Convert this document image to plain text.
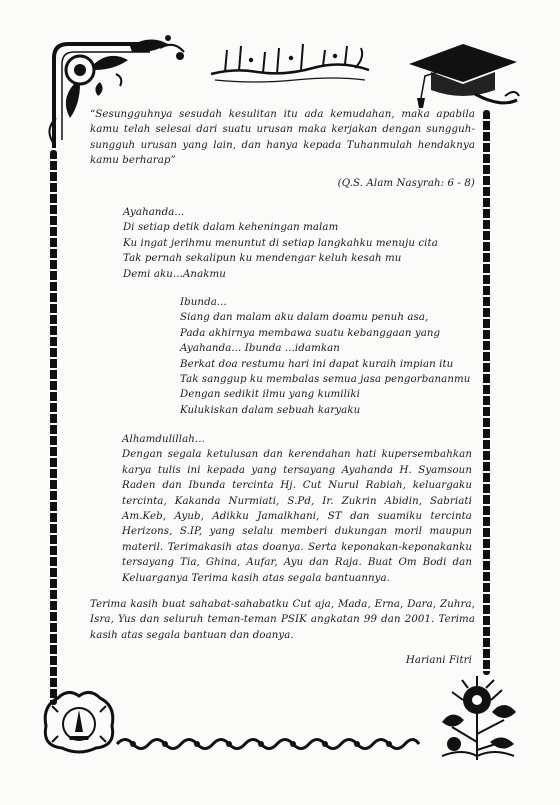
“Sesungguhnya sesudah kesulitan itu ada kemudahan, maka apabila kamu telah selesai dari suatu urusan maka kerjakan dengan sungguh-sungguh urusan yang lain, dan hanya kepada Tuhanmulah hendaknya kamu berharap”

(Q.S. Alam Nasyrah: 6 - 8)

Ayahanda...
Di setiap detik dalam keheningan malam
Ku ingat jerihmu menuntut di setiap langkahku menuju cita
Tak pernah sekalipun ku mendengar keluh kesah mu
Demi aku...Anakmu
Ibunda...
Siang dan malam aku dalam doamu penuh asa,
Pada akhirnya membawa suatu kebanggaan yang
Ayahanda... Ibunda ...idamkan
Berkat doa restumu hari ini dapat kuraih impian itu
Tak sanggup ku membalas semua jasa pengorbananmu
Dengan sedikit ilmu yang kumiliki
Kulukiskan dalam sebuah karyaku
Alhamdulillah...
Dengan segala ketulusan dan kerendahan hati kupersembahkan karya tulis ini kepada yang tersayang Ayahanda H. Syamsoun Raden dan Ibunda tercinta Hj. Cut Nurul Rabiah, keluargaku tercinta, Kakanda Nurmiati, S.Pd, Ir. Zukrin Abidin, Sabriati Am.Keb, Ayub, Adikku Jamalkhani, ST dan suamiku tercinta Herizons, S.IP, yang selalu memberi dukungan moril maupun materil. Terimakasih atas doanya. Serta keponakan-keponakanku tersayang Tia, Ghina, Aufar, Ayu dan Raja. Buat Om Bodi dan Keluarganya Terima kasih atas segala bantuannya.

Terima kasih buat sahabat-sahabatku Cut aja, Mada, Erna, Dara, Zuhra, Isra, Yus dan seluruh teman-teman PSIK angkatan 99 dan 2001. Terima kasih atas segala bantuan dan doanya.

Hariani Fitri
